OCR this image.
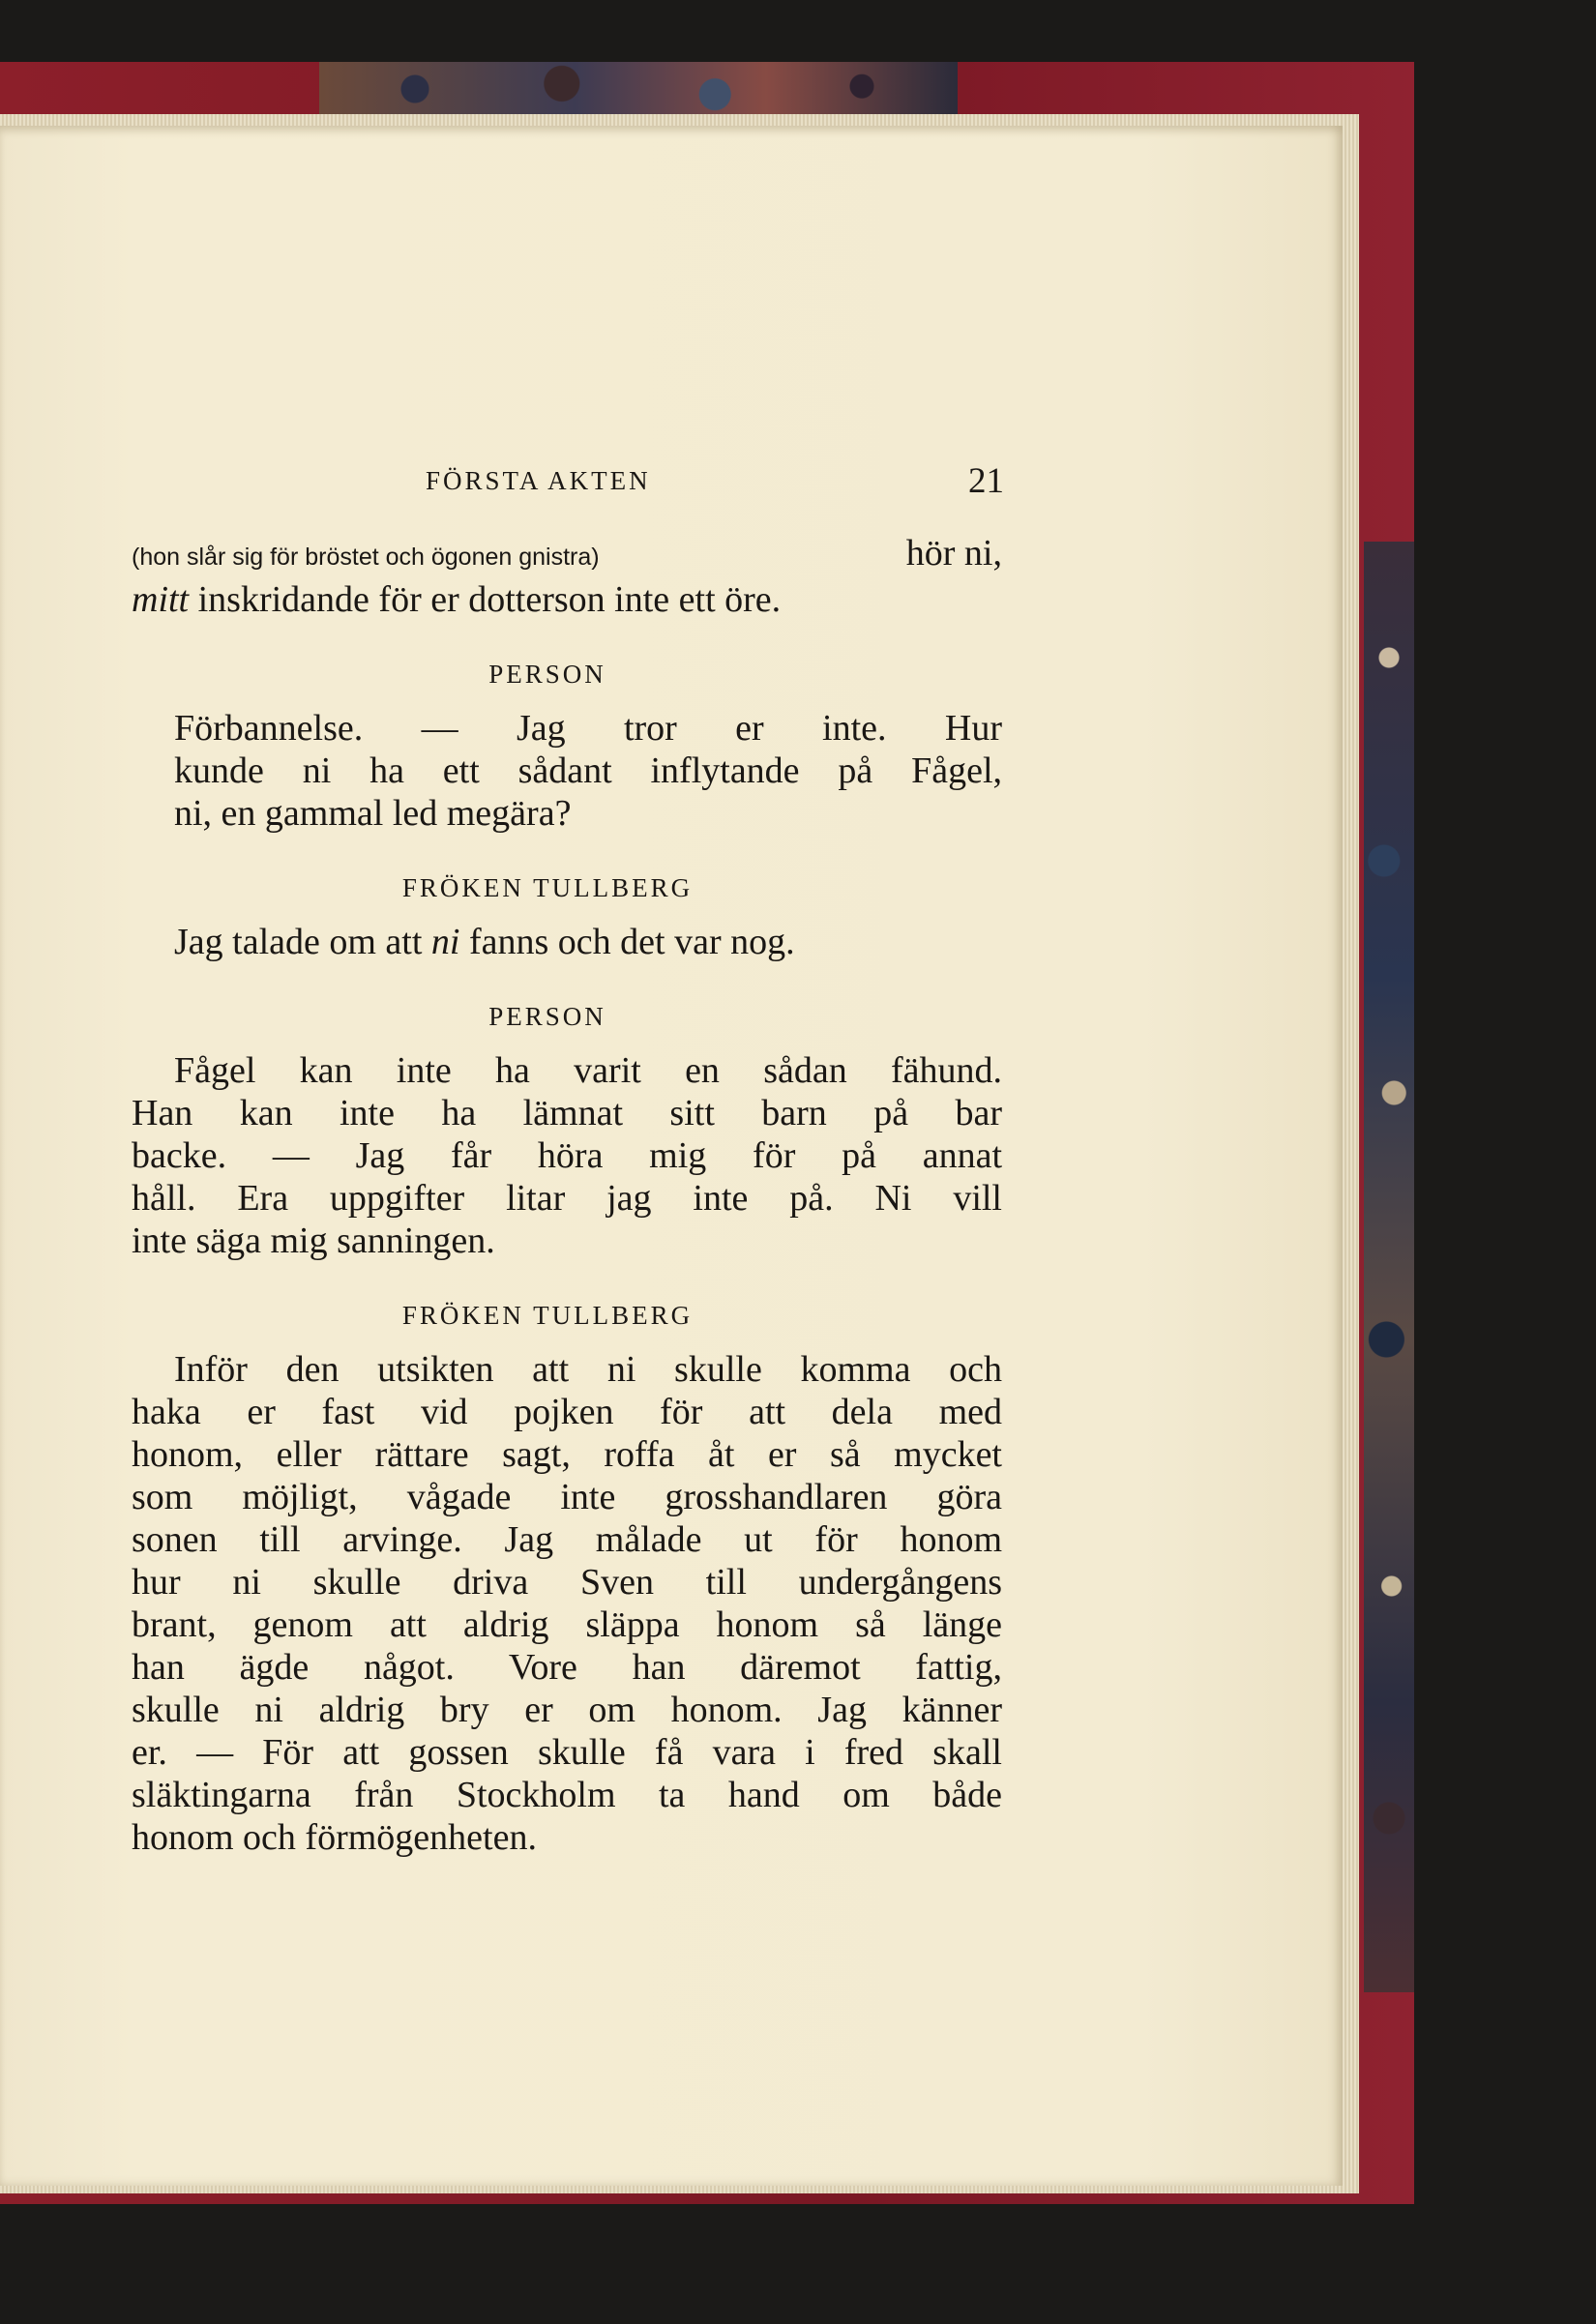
FÖRSTA AKTEN	21
(hon slår sig för bröstet och ögonen gnistra)	hör ni,

mitt inskridande för er dotterson inte ett öre.

PERSON

Förbannelse. — Jag tror er inte. Hur
kunde ni ha ett sådant inflytande på Fågel,
ni, en gammal led megära?

FRÖKEN TULLBERG

Jag talade om att ni fanns och det var nog.

PERSON

Fågel kan inte ha varit en sådan fähund.
Han kan inte ha lämnat sitt barn på bar
backe. — Jag får höra mig för på annat
håll. Era uppgifter litar jag inte på. Ni vill
inte säga mig sanningen.

FRÖKEN TULLBERG

Inför den utsikten att ni skulle komma och
haka er fast vid pojken för att dela med
honom, eller rättare sagt, roffa åt er så mycket
som möjligt, vågade inte grosshandlaren göra
sonen till arvinge. Jag målade ut för honom
hur ni skulle driva Sven till undergångens
brant, genom att aldrig släppa honom så länge
han ägde något. Vore han däremot fattig,
skulle ni aldrig bry er om honom. Jag känner
er. — För att gossen skulle få vara i fred skall
släktingarna från Stockholm ta hand om både
honom och förmögenheten.
